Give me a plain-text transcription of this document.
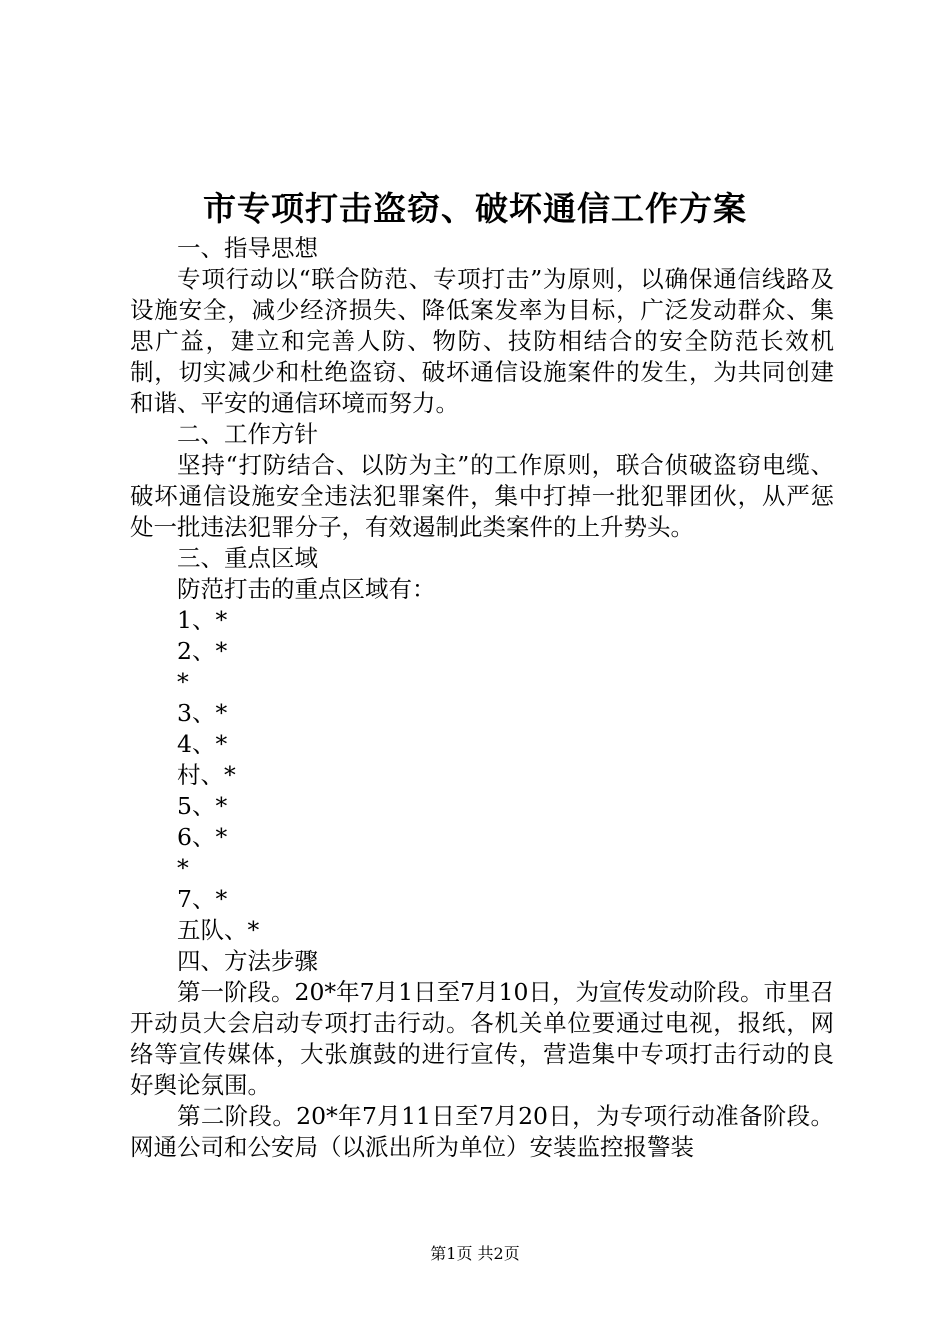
市专项打击盗窃、破坏通信工作方案

一、指导思想

专项行动以“联合防范、专项打击”为原则，以确保通信线路及设施安全，减少经济损失、降低案发率为目标，广泛发动群众、集思广益，建立和完善人防、物防、技防相结合的安全防范长效机制，切实减少和杜绝盗窃、破坏通信设施案件的发生，为共同创建和谐、平安的通信环境而努力。

二、工作方针

坚持“打防结合、以防为主”的工作原则，联合侦破盗窃电缆、破坏通信设施安全违法犯罪案件，集中打掉一批犯罪团伙，从严惩处一批违法犯罪分子，有效遏制此类案件的上升势头。

三、重点区域

防范打击的重点区域有：

1、*

2、*

*

3、*

4、*

村、*

5、*

6、*

*

7、*

五队、*

四、方法步骤

第一阶段。20*年7月1日至7月10日，为宣传发动阶段。市里召开动员大会启动专项打击行动。各机关单位要通过电视，报纸，网络等宣传媒体，大张旗鼓的进行宣传，营造集中专项打击行动的良好舆论氛围。

第二阶段。20*年7月11日至7月20日，为专项行动准备阶段。网通公司和公安局（以派出所为单位）安装监控报警装

第1页 共2页
